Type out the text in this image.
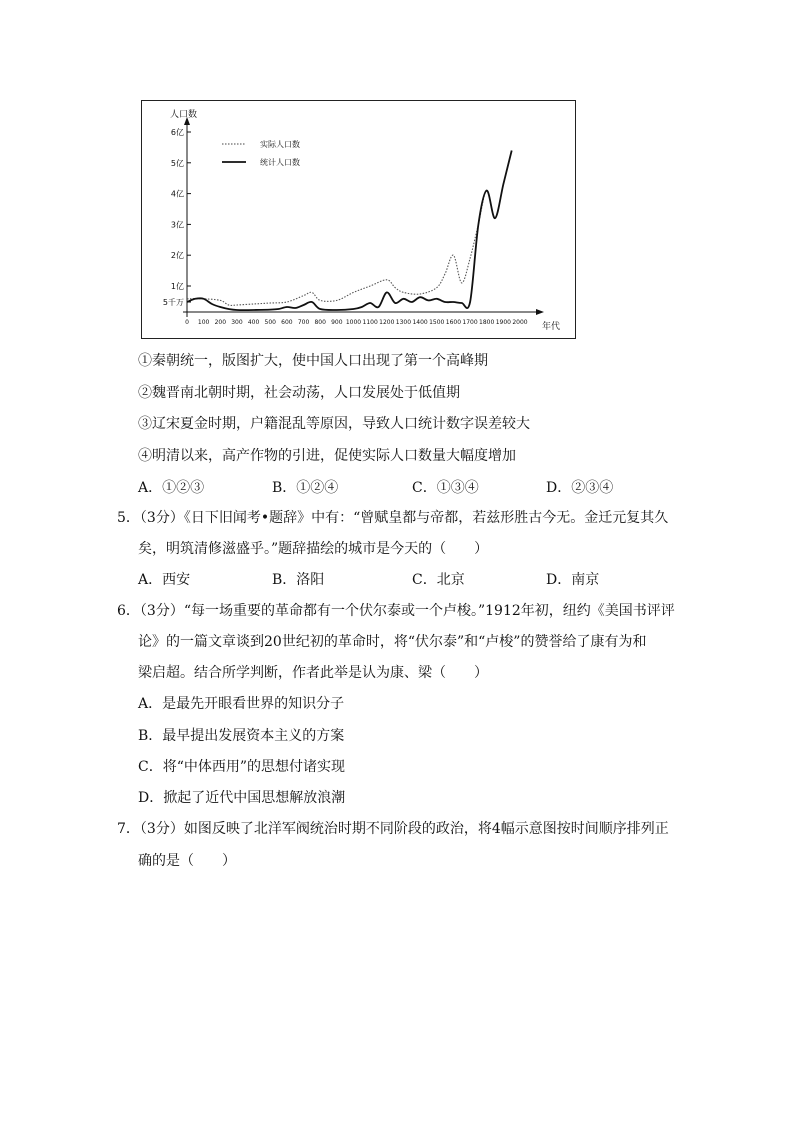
人口数
年代
6亿
5亿
4亿
3亿
2亿
1亿
5千万
0 100 200 300 400 500 600 700 800 900 1000 1100 1200 1300 1400 1500 1600 1700 1800 1900 2000
实际人口数
统计人口数
①秦朝统一，版图扩大，使中国人口出现了第一个高峰期
②魏晋南北朝时期，社会动荡，人口发展处于低值期
③辽宋夏金时期，户籍混乱等原因，导致人口统计数字误差较大
④明清以来，高产作物的引进，促使实际人口数量大幅度增加
A．①②③	B．①②④	C．①③④	D．②③④
5．（3分）《日下旧闻考•题辞》中有：“曾赋皇都与帝都，若兹形胜古今无。金迁元复其久
矣，明筑清修滋盛乎。”题辞描绘的城市是今天的（　　）
A．西安	B．洛阳	C．北京	D．南京
6．（3分）“每一场重要的革命都有一个伏尔泰或一个卢梭。”1912年初，纽约《美国书评评
论》的一篇文章谈到20世纪初的革命时，将“伏尔泰”和“卢梭”的赞誉给了康有为和
梁启超。结合所学判断，作者此举是认为康、梁（　　）
A．是最先开眼看世界的知识分子
B．最早提出发展资本主义的方案
C．将“中体西用”的思想付诸实现
D．掀起了近代中国思想解放浪潮
7．（3分）如图反映了北洋军阀统治时期不同阶段的政治，将4幅示意图按时间顺序排列正
确的是（　　）
